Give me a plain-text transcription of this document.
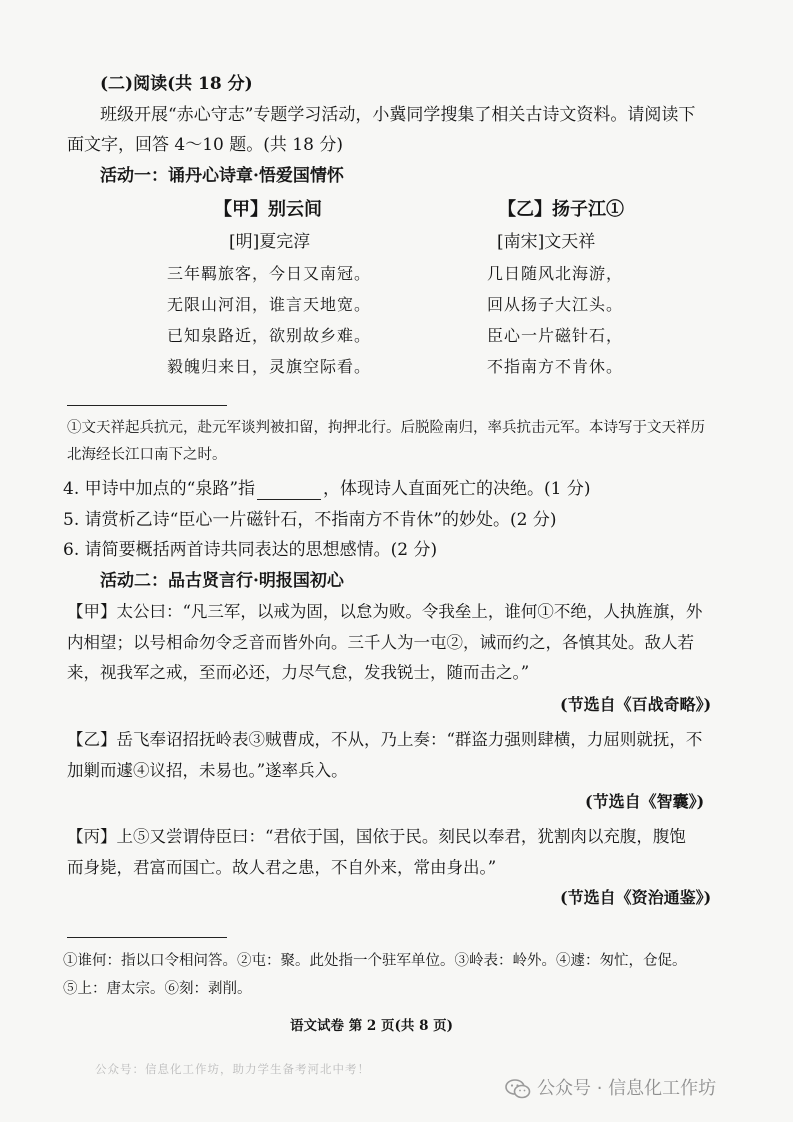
(二)阅读(共 18 分)
班级开展“赤心守志”专题学习活动，小冀同学搜集了相关古诗文资料。请阅读下
面文字，回答 4～10 题。(共 18 分)
活动一：诵丹心诗章·悟爱国情怀
【甲】别云间
[明]夏完淳
三年羁旅客，今日又南冠。
无限山河泪，谁言天地宽。
已知泉路近，欲别故乡难。
毅魄归来日，灵旗空际看。
【乙】扬子江①
[南宋]文天祥
几日随风北海游，
回从扬子大江头。
臣心一片磁针石，
不指南方不肯休。
①文天祥起兵抗元，赴元军谈判被扣留，拘押北行。后脱险南归，率兵抗击元军。本诗写于文天祥历
北海经长江口南下之时。
4. 甲诗中加点的“泉路”指	，体现诗人直面死亡的决绝。(1 分)
5. 请赏析乙诗“臣心一片磁针石，不指南方不肯休”的妙处。(2 分)
6. 请简要概括两首诗共同表达的思想感情。(2 分)
活动二：品古贤言行·明报国初心
【甲】太公曰：“凡三军，以戒为固，以怠为败。令我垒上，谁何①不绝，人执旌旗，外
内相望；以号相命勿令乏音而皆外向。三千人为一屯②，诫而约之，各慎其处。敌人若
来，视我军之戒，至而必还，力尽气怠，发我锐士，随而击之。”
(节选自《百战奇略》)
【乙】岳飞奉诏招抚岭表③贼曹成，不从，乃上奏：“群盗力强则肆横，力屈则就抚，不
加剿而遽④议招，未易也。”遂率兵入。
(节选自《智囊》)
【丙】上⑤又尝谓侍臣曰：“君依于国，国依于民。刻民以奉君，犹割肉以充腹，腹饱
而身毙，君富而国亡。故人君之患，不自外来，常由身出。”
(节选自《资治通鉴》)
①谁何：指以口令相问答。②屯：聚。此处指一个驻军单位。③岭表：岭外。④遽：匆忙，仓促。
⑤上：唐太宗。⑥刻：剥削。
语文试卷 第 2 页(共 8 页)
公众号：信息化工作坊，助力学生备考河北中考！
公众号 · 信息化工作坊
